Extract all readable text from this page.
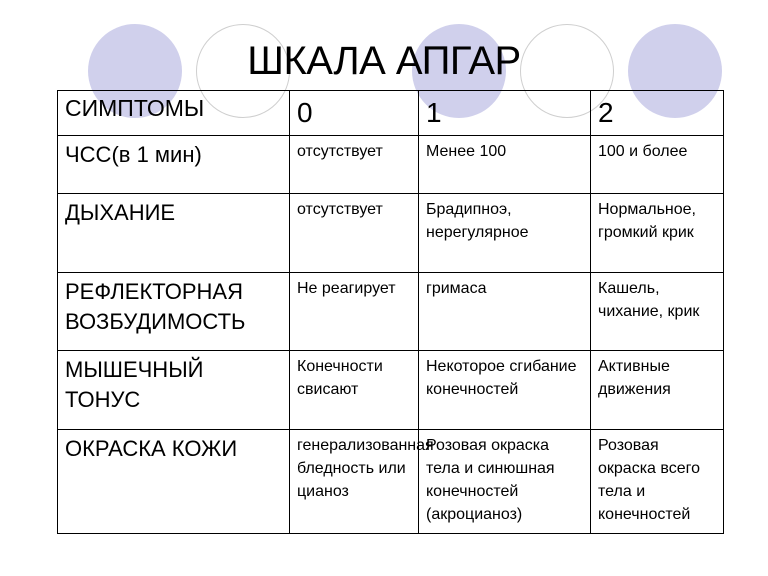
ШКАЛА АПГАР
СИМПТОМЫ	0	1	2
ЧСС(в 1 мин)	отсутствует	Менее 100	100 и более
ДЫХАНИЕ	отсутствует	Брадипноэ, нерегулярное	Нормальное, громкий крик
РЕФЛЕКТОРНАЯ ВОЗБУДИМОСТЬ	Не реагирует	гримаса	Кашель, чихание, крик
МЫШЕЧНЫЙ ТОНУС	Конечности свисают	Некоторое сгибание конечностей	Активные движения
ОКРАСКА КОЖИ	генерализованная бледность или цианоз	Розовая окраска тела и синюшная конечностей (акроцианоз)	Розовая окраска всего тела и конечностей
